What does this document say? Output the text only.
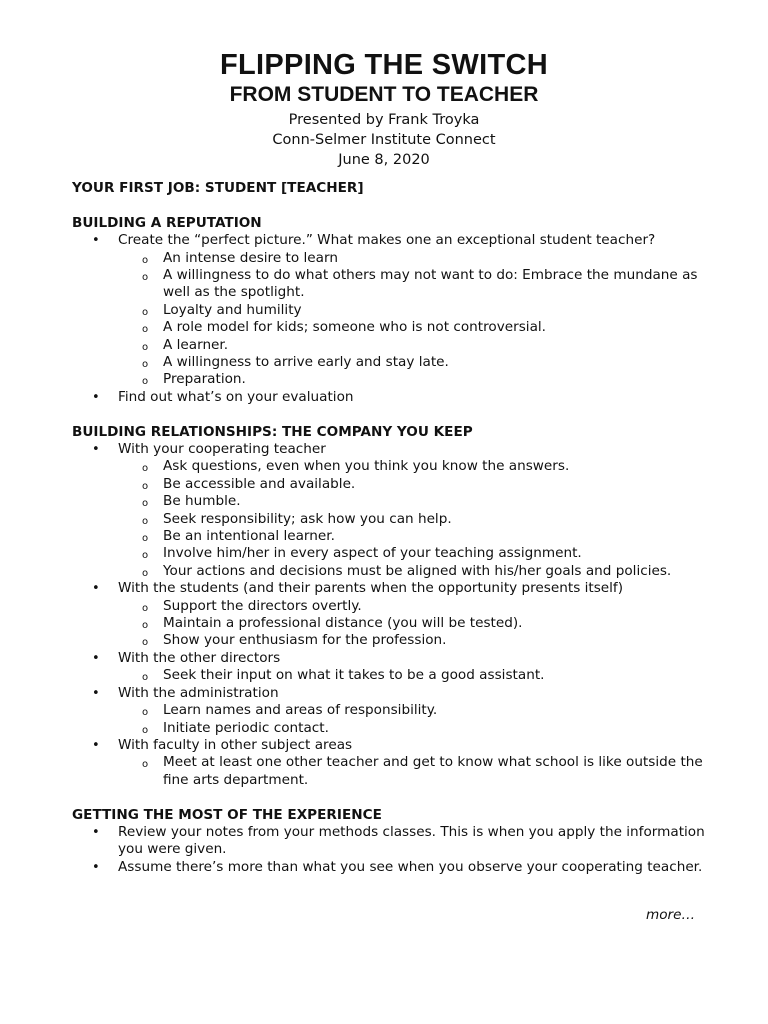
FLIPPING THE SWITCH

FROM STUDENT TO TEACHER

Presented by Frank Troyka

Conn-Selmer Institute Connect

June 8, 2020

YOUR FIRST JOB: STUDENT [TEACHER]

BUILDING A REPUTATION

• Create the “perfect picture.” What makes one an exceptional student teacher?
o An intense desire to learn
o A willingness to do what others may not want to do: Embrace the mundane as well as the spotlight.
o Loyalty and humility
o A role model for kids; someone who is not controversial.
o A learner.
o A willingness to arrive early and stay late.
o Preparation.
• Find out what’s on your evaluation

BUILDING RELATIONSHIPS: THE COMPANY YOU KEEP

• With your cooperating teacher
o Ask questions, even when you think you know the answers.
o Be accessible and available.
o Be humble.
o Seek responsibility; ask how you can help.
o Be an intentional learner.
o Involve him/her in every aspect of your teaching assignment.
o Your actions and decisions must be aligned with his/her goals and policies.
• With the students (and their parents when the opportunity presents itself)
o Support the directors overtly.
o Maintain a professional distance (you will be tested).
o Show your enthusiasm for the profession.
• With the other directors
o Seek their input on what it takes to be a good assistant.
• With the administration
o Learn names and areas of responsibility.
o Initiate periodic contact.
• With faculty in other subject areas
o Meet at least one other teacher and get to know what school is like outside the fine arts department.

GETTING THE MOST OF THE EXPERIENCE

• Review your notes from your methods classes. This is when you apply the information you were given.
• Assume there’s more than what you see when you observe your cooperating teacher.
more…
